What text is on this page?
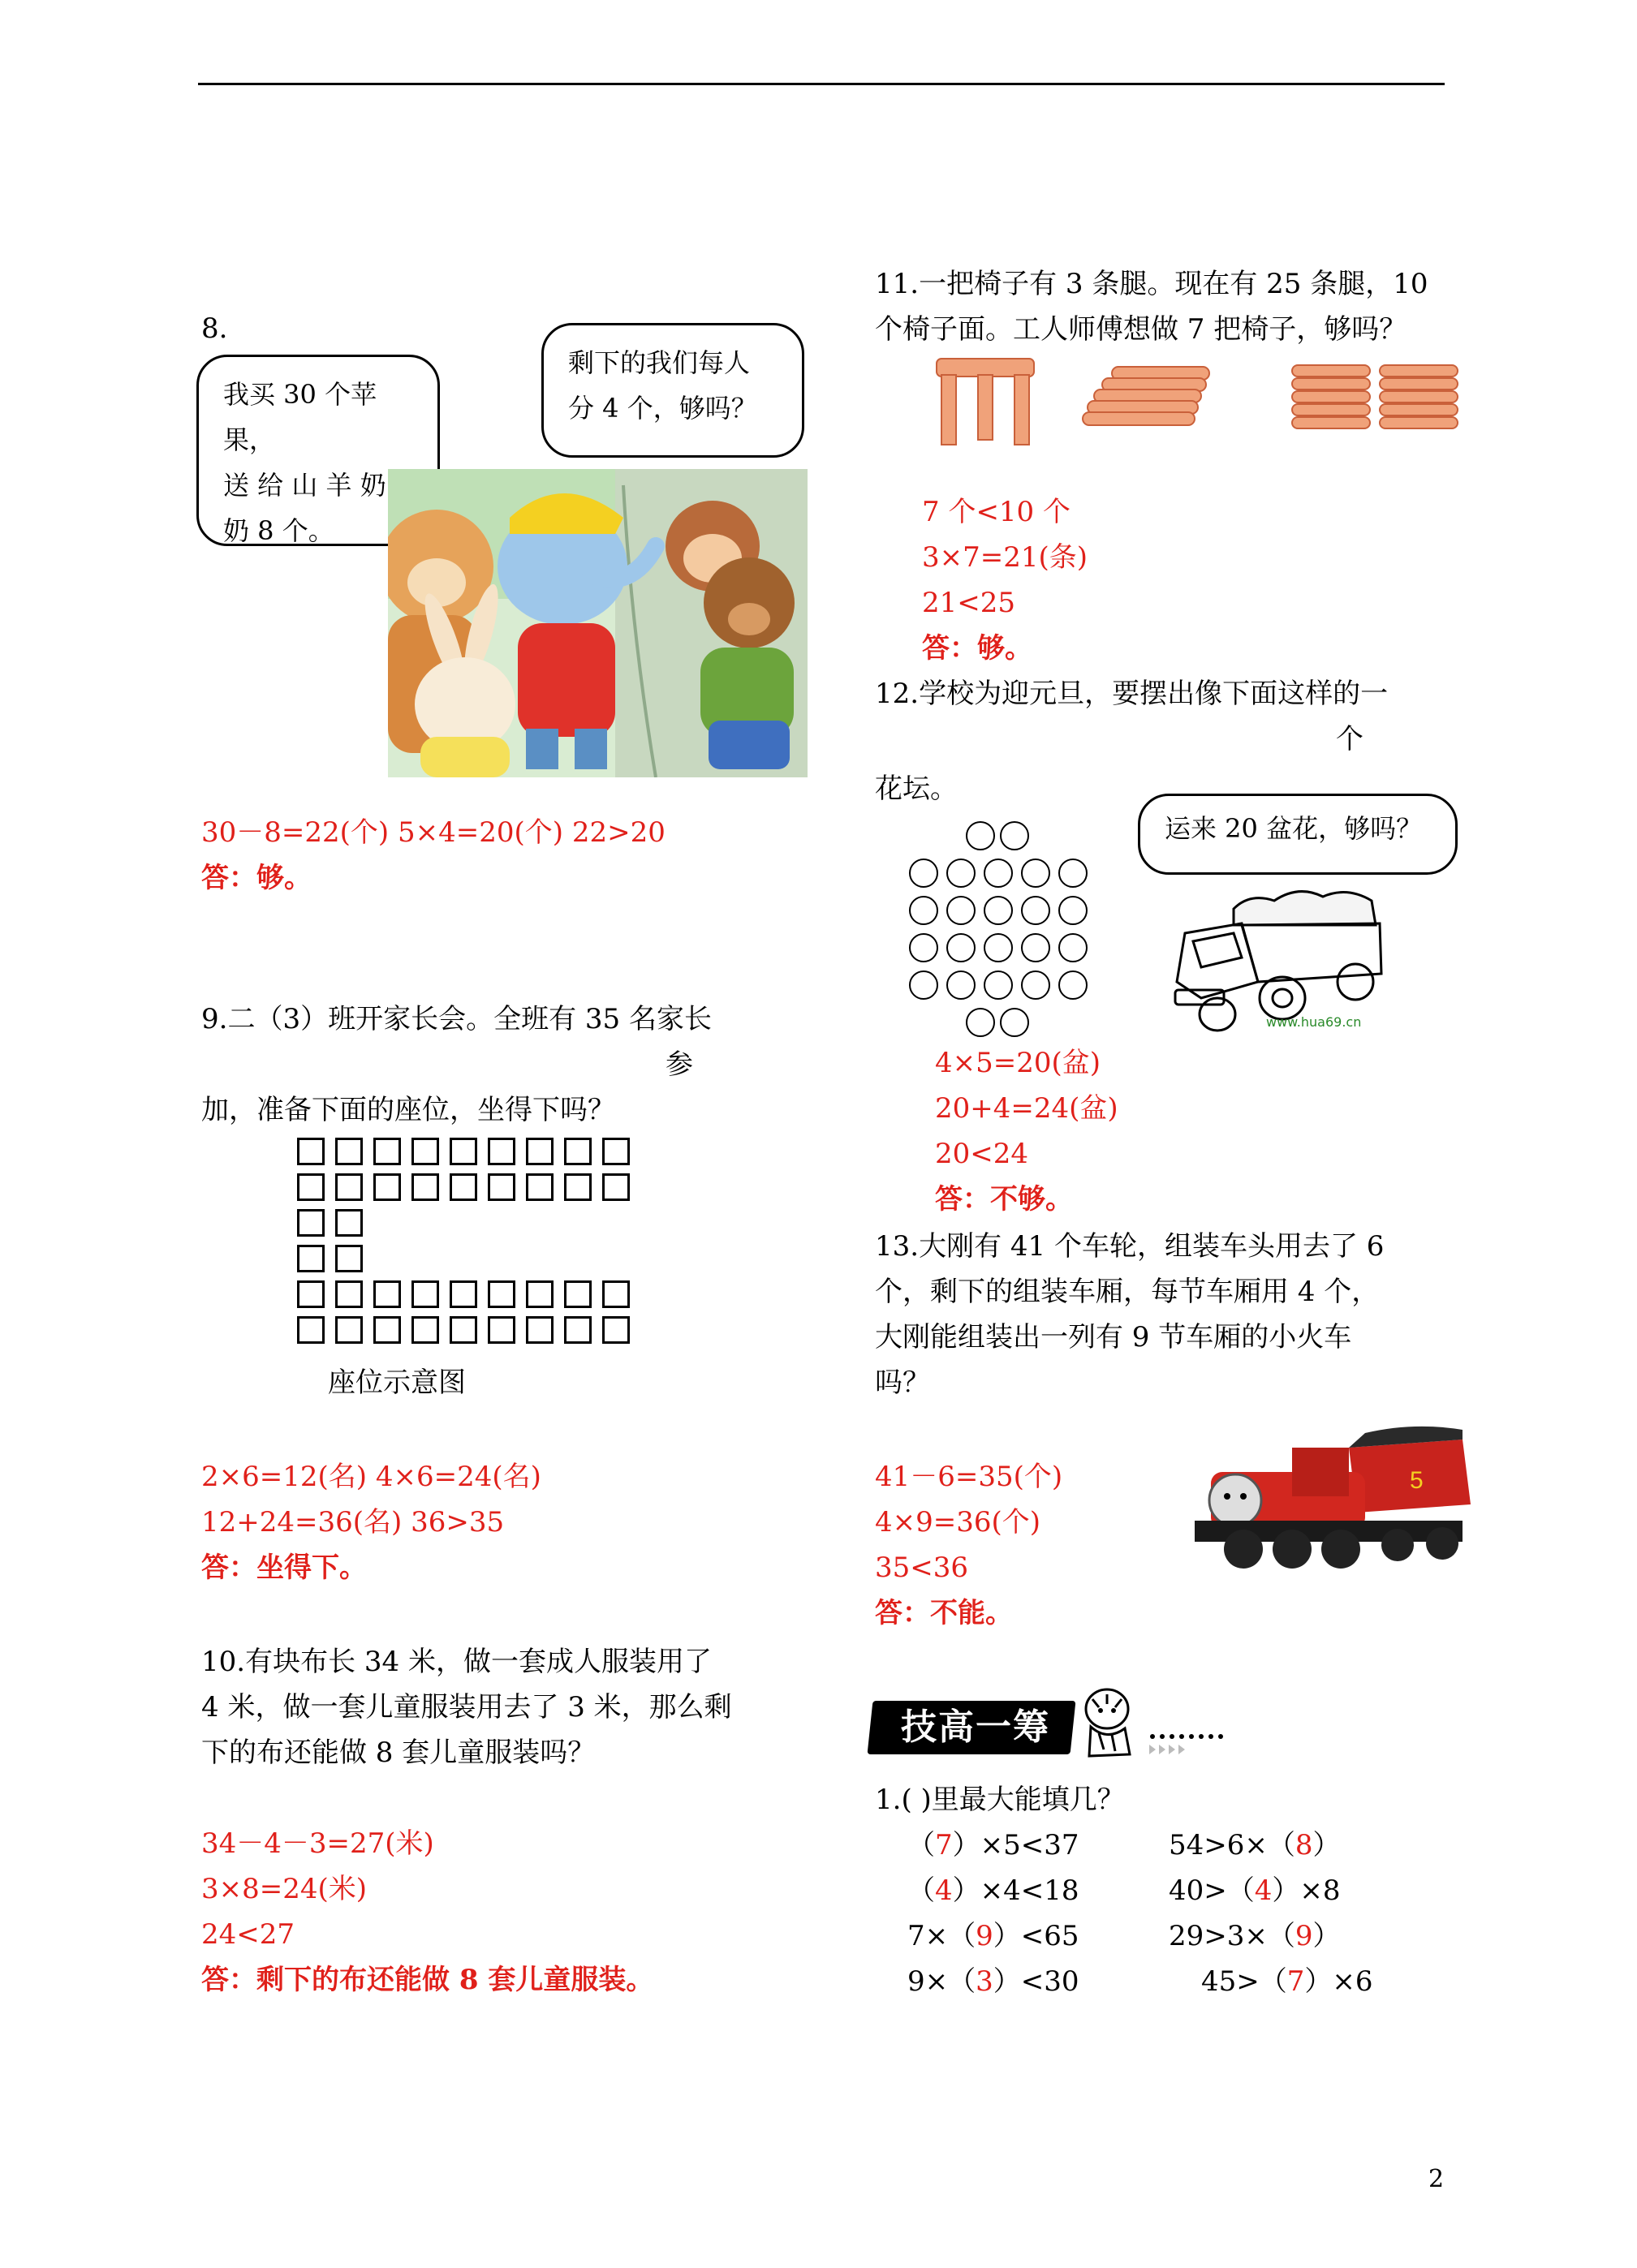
8.
我买 30 个苹果，
送 给 山 羊 奶
奶 8 个。
剩下的我们每人
分 4 个，够吗？
30－8=22(个) 5×4=20(个) 22>20
答：够。
9.二（3）班开家长会。全班有 35 名家长
参
加，准备下面的座位，坐得下吗？
座位示意图
2×6=12(名) 4×6=24(名)
12+24=36(名) 36>35
答：坐得下。
10.有块布长 34 米，做一套成人服装用了
4 米，做一套儿童服装用去了 3 米，那么剩
下的布还能做 8 套儿童服装吗？
34－4－3=27(米)
3×8=24(米)
24<27
答：剩下的布还能做 8 套儿童服装。
11.一把椅子有 3 条腿。现在有 25 条腿，10
个椅子面。工人师傅想做 7 把椅子，够吗？
7 个<10 个
3×7=21(条)
21<25
答：够。
12.学校为迎元旦，要摆出像下面这样的一
个
花坛。
运来 20 盆花，够吗？
www.hua69.cn
4×5=20(盆)
20+4=24(盆)
20<24
答：不够。
13.大刚有 41 个车轮，组装车头用去了 6
个，剩下的组装车厢，每节车厢用 4 个，
大刚能组装出一列有 9 节车厢的小火车
吗？
5
41－6=35(个)
4×9=36(个)
35<36
答：不能。
技高一筹
1.( )里最大能填几？
（7）×5<37	54>6×（8）
（4）×4<18	40>（4）×8
7×（9）<65	29>3×（9）
9×（3）<30	45>（7）×6
2
